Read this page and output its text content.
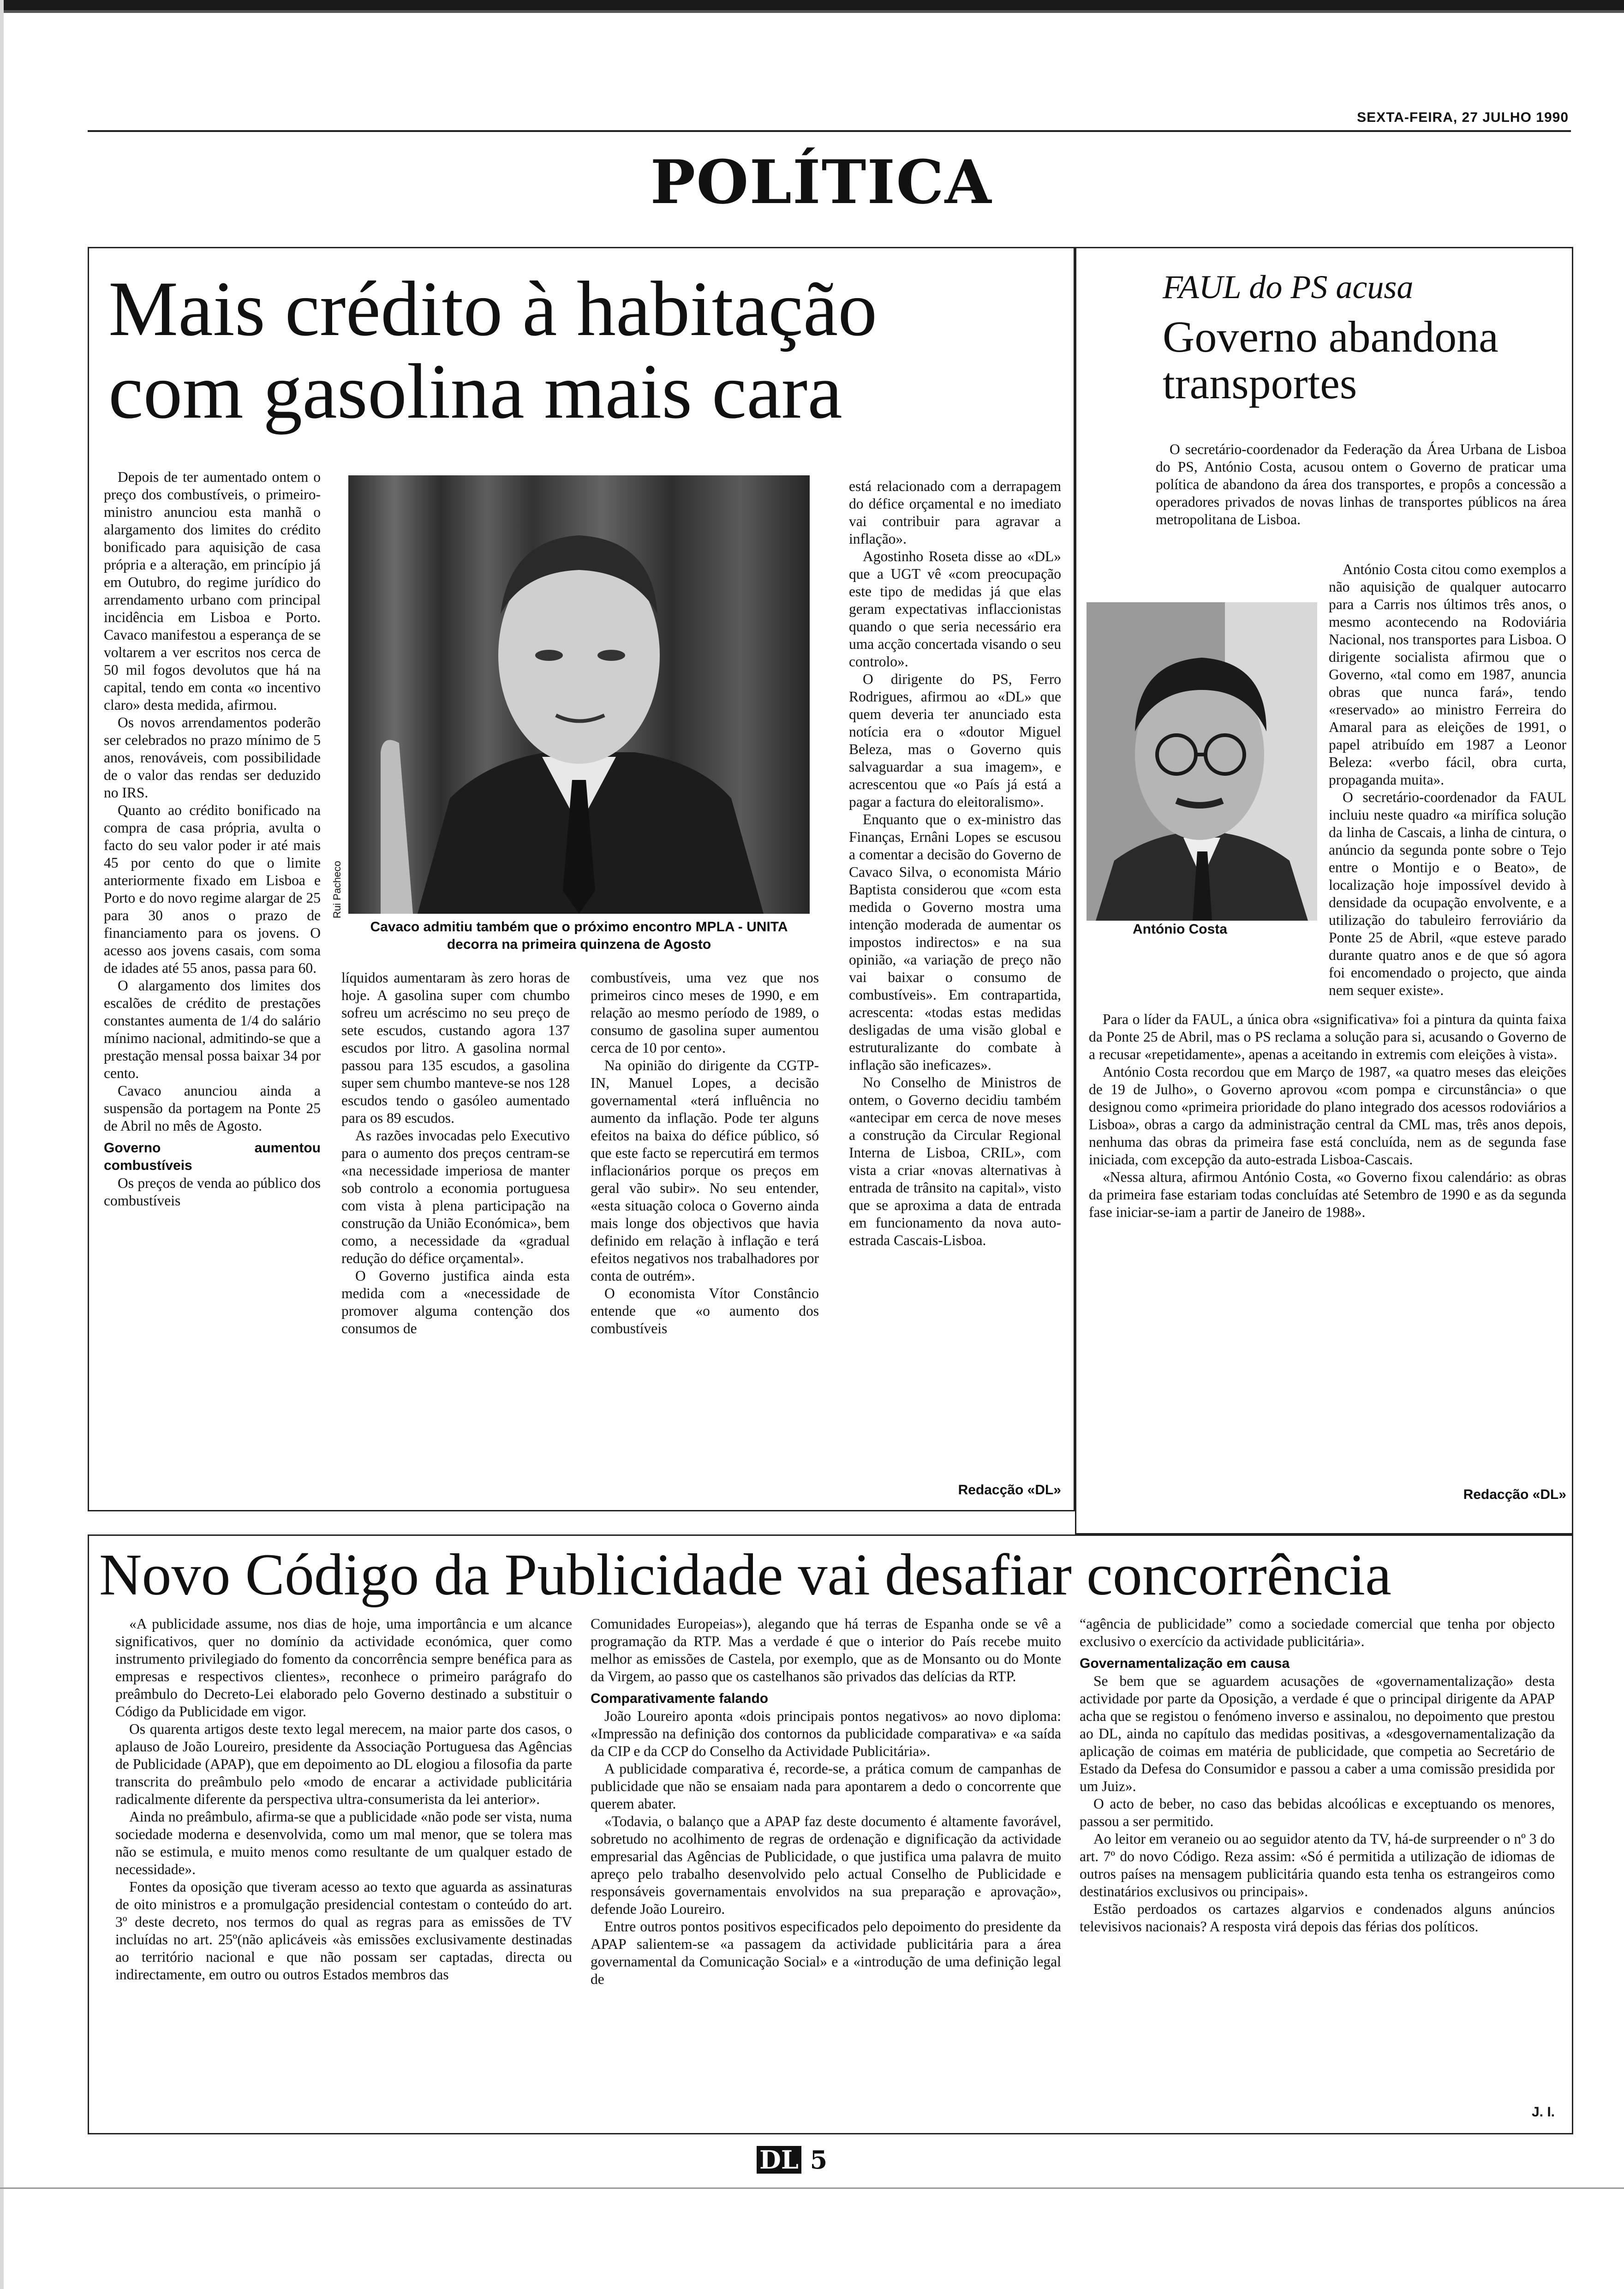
SEXTA-FEIRA, 27 JULHO 1990
POLÍTICA
Mais crédito à habitação
com gasolina mais cara

Depois de ter aumentado ontem o preço dos combustíveis, o primeiro-ministro anunciou esta manhã o alargamento dos limites do crédito bonificado para aquisição de casa própria e a alteração, em princípio já em Outubro, do regime jurídico do arrendamento urbano com principal incidência em Lisboa e Porto. Cavaco manifestou a esperança de se voltarem a ver escritos nos cerca de 50 mil fogos devolutos que há na capital, tendo em conta «o incentivo claro» desta medida, afirmou.

Os novos arrendamentos poderão ser celebrados no prazo mínimo de 5 anos, renováveis, com possibilidade de o valor das rendas ser deduzido no IRS.

Quanto ao crédito bonificado na compra de casa própria, avulta o facto do seu valor poder ir até mais 45 por cento do que o limite anteriormente fixado em Lisboa e Porto e do novo regime alargar de 25 para 30 anos o prazo de financiamento para os jovens. O acesso aos jovens casais, com soma de idades até 55 anos, passa para 60.

O alargamento dos limites dos escalões de crédito de prestações constantes aumenta de 1/4 do salário mínimo nacional, admitindo-se que a prestação mensal possa baixar 34 por cento.

Cavaco anunciou ainda a suspensão da portagem na Ponte 25 de Abril no mês de Agosto.

Governo aumentou combustíveis

Os preços de venda ao público dos combustíveis

Rui Pacheco
Cavaco admitiu também que o próximo encontro MPLA - UNITA decorra na primeira quinzena de Agosto

líquidos aumentaram às zero horas de hoje. A gasolina super com chumbo sofreu um acréscimo no seu preço de sete escudos, custando agora 137 escudos por litro. A gasolina normal passou para 135 escudos, a gasolina super sem chumbo manteve-se nos 128 escudos tendo o gasóleo aumentado para os 89 escudos.

As razões invocadas pelo Executivo para o aumento dos preços centram-se «na necessidade imperiosa de manter sob controlo a economia portuguesa com vista à plena participação na construção da União Económica», bem como, a necessidade da «gradual redução do défice orçamental».

O Governo justifica ainda esta medida com a «necessidade de promover alguma contenção dos consumos de

combustíveis, uma vez que nos primeiros cinco meses de 1990, e em relação ao mesmo período de 1989, o consumo de gasolina super aumentou cerca de 10 por cento».

Na opinião do dirigente da CGTP-IN, Manuel Lopes, a decisão governamental «terá influência no aumento da inflação. Pode ter alguns efeitos na baixa do défice público, só que este facto se repercutirá em termos inflacionários porque os preços em geral vão subir». No seu entender, «esta situação coloca o Governo ainda mais longe dos objectivos que havia definido em relação à inflação e terá efeitos negativos nos trabalhadores por conta de outrém».

O economista Vítor Constâncio entende que «o aumento dos combustíveis

está relacionado com a derrapagem do défice orçamental e no imediato vai contribuir para agravar a inflação».

Agostinho Roseta disse ao «DL» que a UGT vê «com preocupação este tipo de medidas já que elas geram expectativas inflaccionistas quando o que seria necessário era uma acção concertada visando o seu controlo».

O dirigente do PS, Ferro Rodrigues, afirmou ao «DL» que quem deveria ter anunciado esta notícia era o «doutor Miguel Beleza, mas o Governo quis salvaguardar a sua imagem», e acrescentou que «o País já está a pagar a factura do eleitoralismo».

Enquanto que o ex-ministro das Finanças, Ernâni Lopes se escusou a comentar a decisão do Governo de Cavaco Silva, o economista Mário Baptista considerou que «com esta medida o Governo mostra uma intenção moderada de aumentar os impostos indirectos» e na sua opinião, «a variação de preço não vai baixar o consumo de combustíveis». Em contrapartida, acrescenta: «todas estas medidas desligadas de uma visão global e estruturalizante do combate à inflação são ineficazes».

No Conselho de Ministros de ontem, o Governo decidiu também «antecipar em cerca de nove meses a construção da Circular Regional Interna de Lisboa, CRIL», com vista a criar «novas alternativas à entrada de trânsito na capital», visto que se aproxima a data de entrada em funcionamento da nova auto-estrada Cascais-Lisboa.

Redacção «DL»
FAUL do PS acusa
Governo abandona
transportes
António Costa

O secretário-coordenador da Federação da Área Urbana de Lisboa do PS, António Costa, acusou ontem o Governo de praticar uma política de abandono da área dos transportes, e propôs a concessão a operadores privados de novas linhas de transportes públicos na área metropolitana de Lisboa.

António Costa citou como exemplos a não aquisição de qualquer autocarro para a Carris nos últimos três anos, o mesmo acontecendo na Rodoviária Nacional, nos transportes para Lisboa. O dirigente socialista afirmou que o Governo, «tal como em 1987, anuncia obras que nunca fará», tendo «reservado» ao ministro Ferreira do Amaral para as eleições de 1991, o papel atribuído em 1987 a Leonor Beleza: «verbo fácil, obra curta, propaganda muita».

O secretário-coordenador da FAUL incluiu neste quadro «a mirífica solução da linha de Cascais, a linha de cintura, o anúncio da segunda ponte sobre o Tejo entre o Montijo e o Beato», de localização hoje impossível devido à densidade da ocupação envolvente, e a utilização do tabuleiro ferroviário da Ponte 25 de Abril, «que esteve parado durante quatro anos e de que só agora foi encomendado o projecto, que ainda nem sequer existe».

Para o líder da FAUL, a única obra «significativa» foi a pintura da quinta faixa da Ponte 25 de Abril, mas o PS reclama a solução para si, acusando o Governo de a recusar «repetidamente», apenas a aceitando in extremis com eleições à vista».

António Costa recordou que em Março de 1987, «a quatro meses das eleições de 19 de Julho», o Governo aprovou «com pompa e circunstância» o que designou como «primeira prioridade do plano integrado dos acessos rodoviários a Lisboa», obras a cargo da administração central da CML mas, três anos depois, nenhuma das obras da primeira fase está concluída, nem as de segunda fase iniciada, com excepção da auto-estrada Lisboa-Cascais.

«Nessa altura, afirmou António Costa, «o Governo fixou calendário: as obras da primeira fase estariam todas concluídas até Setembro de 1990 e as da segunda fase iniciar-se-iam a partir de Janeiro de 1988».

Redacção «DL»
Novo Código da Publicidade vai desafiar concorrência

«A publicidade assume, nos dias de hoje, uma importância e um alcance significativos, quer no domínio da actividade económica, quer como instrumento privilegiado do fomento da concorrência sempre benéfica para as empresas e respectivos clientes», reconhece o primeiro parágrafo do preâmbulo do Decreto-Lei elaborado pelo Governo destinado a substituir o Código da Publicidade em vigor.

Os quarenta artigos deste texto legal merecem, na maior parte dos casos, o aplauso de João Loureiro, presidente da Associação Portuguesa das Agências de Publicidade (APAP), que em depoimento ao DL elogiou a filosofia da parte transcrita do preâmbulo pelo «modo de encarar a actividade publicitária radicalmente diferente da perspectiva ultra-consumerista da lei anterior».

Ainda no preâmbulo, afirma-se que a publicidade «não pode ser vista, numa sociedade moderna e desenvolvida, como um mal menor, que se tolera mas não se estimula, e muito menos como resultante de um qualquer estado de necessidade».

Fontes da oposição que tiveram acesso ao texto que aguarda as assinaturas de oito ministros e a promulgação presidencial contestam o conteúdo do art. 3º deste decreto, nos termos do qual as regras para as emissões de TV incluídas no art. 25º(não aplicáveis «às emissões exclusivamente destinadas ao território nacional e que não possam ser captadas, directa ou indirectamente, em outro ou outros Estados membros das

Comunidades Europeias»), alegando que há terras de Espanha onde se vê a programação da RTP. Mas a verdade é que o interior do País recebe muito melhor as emissões de Castela, por exemplo, que as de Monsanto ou do Monte da Virgem, ao passo que os castelhanos são privados das delícias da RTP.

Comparativamente falando

João Loureiro aponta «dois principais pontos negativos» ao novo diploma: «Impressão na definição dos contornos da publicidade comparativa» e «a saída da CIP e da CCP do Conselho da Actividade Publicitária».

A publicidade comparativa é, recorde-se, a prática comum de campanhas de publicidade que não se ensaiam nada para apontarem a dedo o concorrente que querem abater.

«Todavia, o balanço que a APAP faz deste documento é altamente favorável, sobretudo no acolhimento de regras de ordenação e dignificação da actividade empresarial das Agências de Publicidade, o que justifica uma palavra de muito apreço pelo trabalho desenvolvido pelo actual Conselho de Publicidade e responsáveis governamentais envolvidos na sua preparação e aprovação», defende João Loureiro.

Entre outros pontos positivos especificados pelo depoimento do presidente da APAP salientem-se «a passagem da actividade publicitária para a área governamental da Comunicação Social» e a «introdução de uma definição legal de

“agência de publicidade” como a sociedade comercial que tenha por objecto exclusivo o exercício da actividade publicitária».

Governamentalização em causa

Se bem que se aguardem acusações de «governamentalização» desta actividade por parte da Oposição, a verdade é que o principal dirigente da APAP acha que se registou o fenómeno inverso e assinalou, no depoimento que prestou ao DL, ainda no capítulo das medidas positivas, a «desgovernamentalização da aplicação de coimas em matéria de publicidade, que competia ao Secretário de Estado da Defesa do Consumidor e passou a caber a uma comissão presidida por um Juiz».

O acto de beber, no caso das bebidas alcoólicas e exceptuando os menores, passou a ser permitido.

Ao leitor em veraneio ou ao seguidor atento da TV, há-de surpreender o nº 3 do art. 7º do novo Código. Reza assim: «Só é permitida a utilização de idiomas de outros países na mensagem publicitária quando esta tenha os estrangeiros como destinatários exclusivos ou principais».

Estão perdoados os cartazes algarvios e condenados alguns anúncios televisivos nacionais? A resposta virá depois das férias dos políticos.

J. I.
DL 5
